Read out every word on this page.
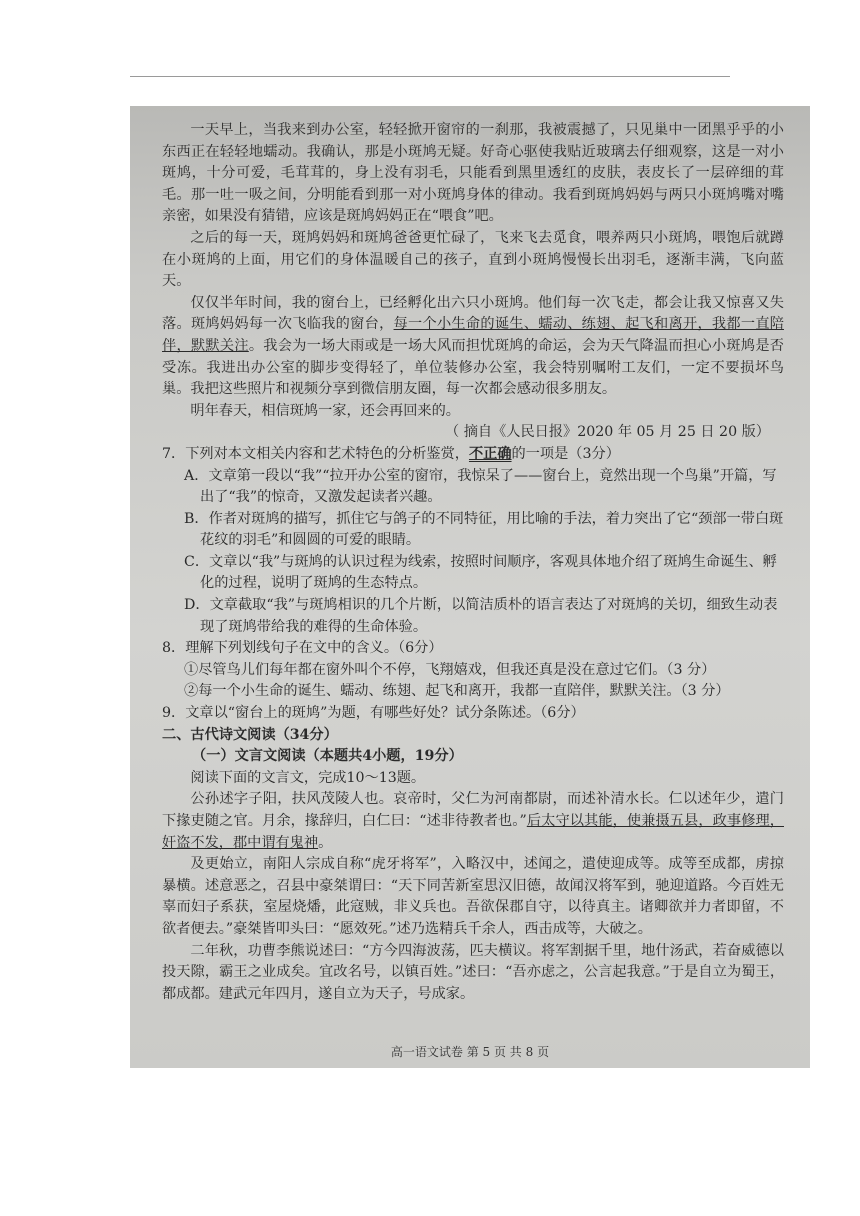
一天早上，当我来到办公室，轻轻掀开窗帘的一刹那，我被震撼了，只见巢中一团黑乎乎的小东西正在轻轻地蠕动。我确认，那是小斑鸠无疑。好奇心驱使我贴近玻璃去仔细观察，这是一对小斑鸠，十分可爱，毛茸茸的，身上没有羽毛，只能看到黑里透红的皮肤，表皮长了一层碎细的茸毛。那一吐一吸之间，分明能看到那一对小斑鸠身体的律动。我看到斑鸠妈妈与两只小斑鸠嘴对嘴亲密，如果没有猜错，应该是斑鸠妈妈正在“喂食”吧。

之后的每一天，斑鸠妈妈和斑鸠爸爸更忙碌了，飞来飞去觅食，喂养两只小斑鸠，喂饱后就蹲在小斑鸠的上面，用它们的身体温暖自己的孩子，直到小斑鸠慢慢长出羽毛，逐渐丰满，飞向蓝天。

仅仅半年时间，我的窗台上，已经孵化出六只小斑鸠。他们每一次飞走，都会让我又惊喜又失落。斑鸠妈妈每一次飞临我的窗台，每一个小生命的诞生、蠕动、练翅、起飞和离开，我都一直陪伴，默默关注。我会为一场大雨或是一场大风而担忧斑鸠的命运，会为天气降温而担心小斑鸠是否受冻。我进出办公室的脚步变得轻了，单位装修办公室，我会特别嘱咐工友们，一定不要损坏鸟巢。我把这些照片和视频分享到微信朋友圈，每一次都会感动很多朋友。

明年春天，相信斑鸠一家，还会再回来的。

（ 摘自《人民日报》2020 年 05 月 25 日 20 版）

7．下列对本文相关内容和艺术特色的分析鉴赏，不正确的一项是（3分）

A．文章第一段以“我”“拉开办公室的窗帘，我惊呆了——窗台上，竟然出现一个鸟巢”开篇，写出了“我”的惊奇，又激发起读者兴趣。

B．作者对斑鸠的描写，抓住它与鸽子的不同特征，用比喻的手法，着力突出了它“颈部一带白斑花纹的羽毛”和圆圆的可爱的眼睛。

C．文章以“我”与斑鸠的认识过程为线索，按照时间顺序，客观具体地介绍了斑鸠生命诞生、孵化的过程，说明了斑鸠的生态特点。

D．文章截取“我”与斑鸠相识的几个片断，以简洁质朴的语言表达了对斑鸠的关切，细致生动表现了斑鸠带给我的难得的生命体验。

8．理解下列划线句子在文中的含义。（6分）

①尽管鸟儿们每年都在窗外叫个不停，飞翔嬉戏，但我还真是没在意过它们。（3 分）

②每一个小生命的诞生、蠕动、练翅、起飞和离开，我都一直陪伴，默默关注。（3 分）

9．文章以“窗台上的斑鸠”为题，有哪些好处？试分条陈述。（6分）

二、古代诗文阅读（34分）

（一）文言文阅读（本题共4小题，19分）

阅读下面的文言文，完成10～13题。

公孙述字子阳，扶风茂陵人也。哀帝时，父仁为河南都尉，而述补清水长。仁以述年少，遣门下掾吏随之官。月余，掾辞归，白仁曰：“述非待教者也。”后太守以其能，使兼摄五县，政事修理，奸盗不发，郡中谓有鬼神。

及更始立，南阳人宗成自称“虎牙将军”，入略汉中，述闻之，遣使迎成等。成等至成都，虏掠暴横。述意恶之，召县中豪桀谓曰：“天下同苦新室思汉旧德，故闻汉将军到，驰迎道路。今百姓无辜而妇子系获，室屋烧燔，此寇贼，非义兵也。吾欲保郡自守，以待真主。诸卿欲并力者即留，不欲者便去。”豪桀皆叩头曰：“愿效死。”述乃选精兵千余人，西击成等，大破之。

二年秋，功曹李熊说述曰：“方今四海波荡，匹夫横议。将军割据千里，地什汤武，若奋威德以投天隙，霸王之业成矣。宜改名号，以镇百姓。”述曰：“吾亦虑之，公言起我意。”于是自立为蜀王，都成都。建武元年四月，遂自立为天子，号成家。

高一语文试卷 第 5 页 共 8 页
